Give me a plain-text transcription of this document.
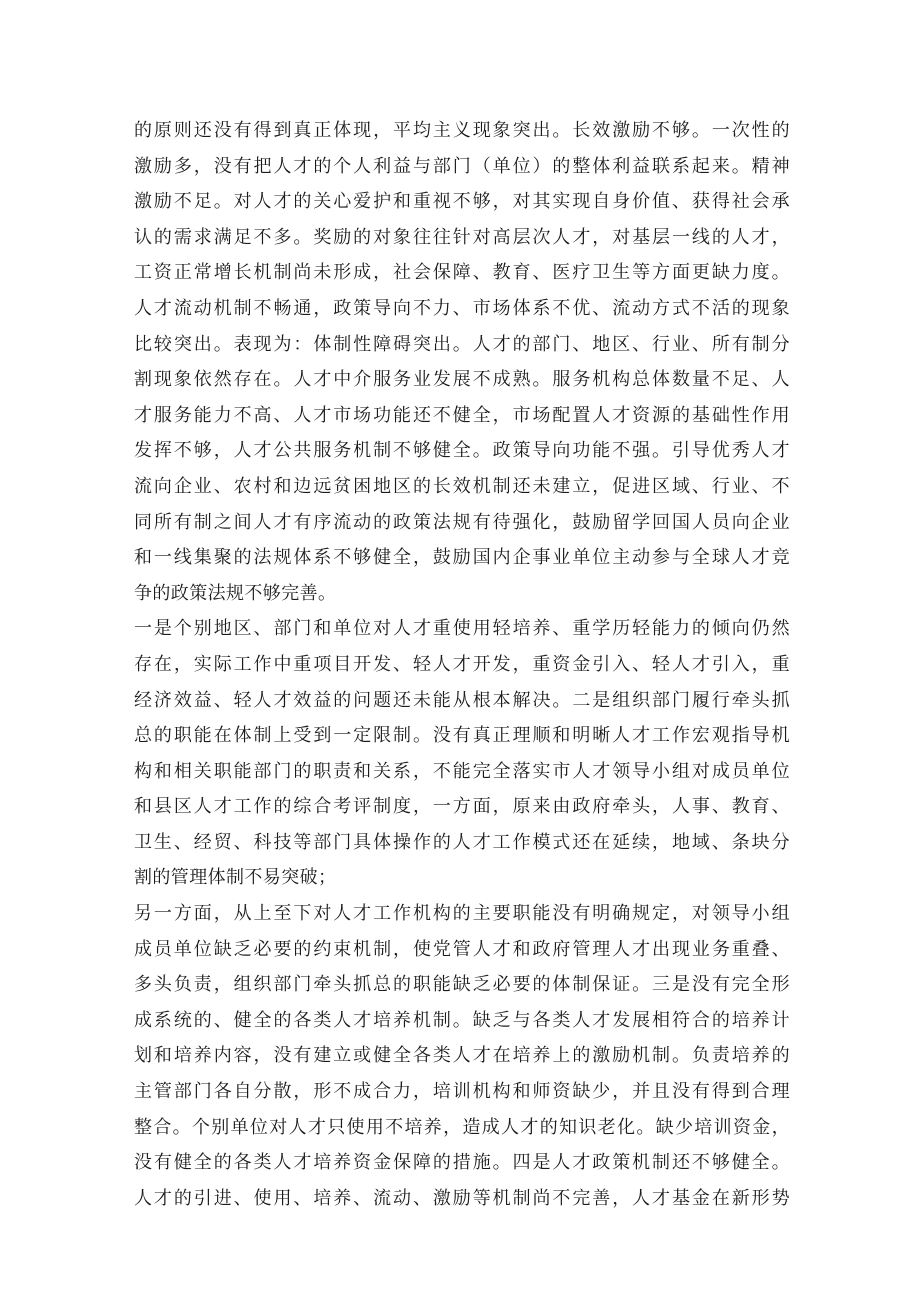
的原则还没有得到真正体现，平均主义现象突出。长效激励不够。一次性的
激励多，没有把人才的个人利益与部门（单位）的整体利益联系起来。精神
激励不足。对人才的关心爱护和重视不够，对其实现自身价值、获得社会承
认的需求满足不多。奖励的对象往往针对高层次人才，对基层一线的人才，
工资正常增长机制尚未形成，社会保障、教育、医疗卫生等方面更缺力度。
人才流动机制不畅通，政策导向不力、市场体系不优、流动方式不活的现象
比较突出。表现为：体制性障碍突出。人才的部门、地区、行业、所有制分
割现象依然存在。人才中介服务业发展不成熟。服务机构总体数量不足、人
才服务能力不高、人才市场功能还不健全，市场配置人才资源的基础性作用
发挥不够，人才公共服务机制不够健全。政策导向功能不强。引导优秀人才
流向企业、农村和边远贫困地区的长效机制还未建立，促进区域、行业、不
同所有制之间人才有序流动的政策法规有待强化，鼓励留学回国人员向企业
和一线集聚的法规体系不够健全，鼓励国内企事业单位主动参与全球人才竞
争的政策法规不够完善。
一是个别地区、部门和单位对人才重使用轻培养、重学历轻能力的倾向仍然
存在，实际工作中重项目开发、轻人才开发，重资金引入、轻人才引入，重
经济效益、轻人才效益的问题还未能从根本解决。二是组织部门履行牵头抓
总的职能在体制上受到一定限制。没有真正理顺和明晰人才工作宏观指导机
构和相关职能部门的职责和关系，不能完全落实市人才领导小组对成员单位
和县区人才工作的综合考评制度，一方面，原来由政府牵头，人事、教育、
卫生、经贸、科技等部门具体操作的人才工作模式还在延续，地域、条块分
割的管理体制不易突破；
另一方面，从上至下对人才工作机构的主要职能没有明确规定，对领导小组
成员单位缺乏必要的约束机制，使党管人才和政府管理人才出现业务重叠、
多头负责，组织部门牵头抓总的职能缺乏必要的体制保证。三是没有完全形
成系统的、健全的各类人才培养机制。缺乏与各类人才发展相符合的培养计
划和培养内容，没有建立或健全各类人才在培养上的激励机制。负责培养的
主管部门各自分散，形不成合力，培训机构和师资缺少，并且没有得到合理
整合。个别单位对人才只使用不培养，造成人才的知识老化。缺少培训资金，
没有健全的各类人才培养资金保障的措施。四是人才政策机制还不够健全。
人才的引进、使用、培养、流动、激励等机制尚不完善，人才基金在新形势
